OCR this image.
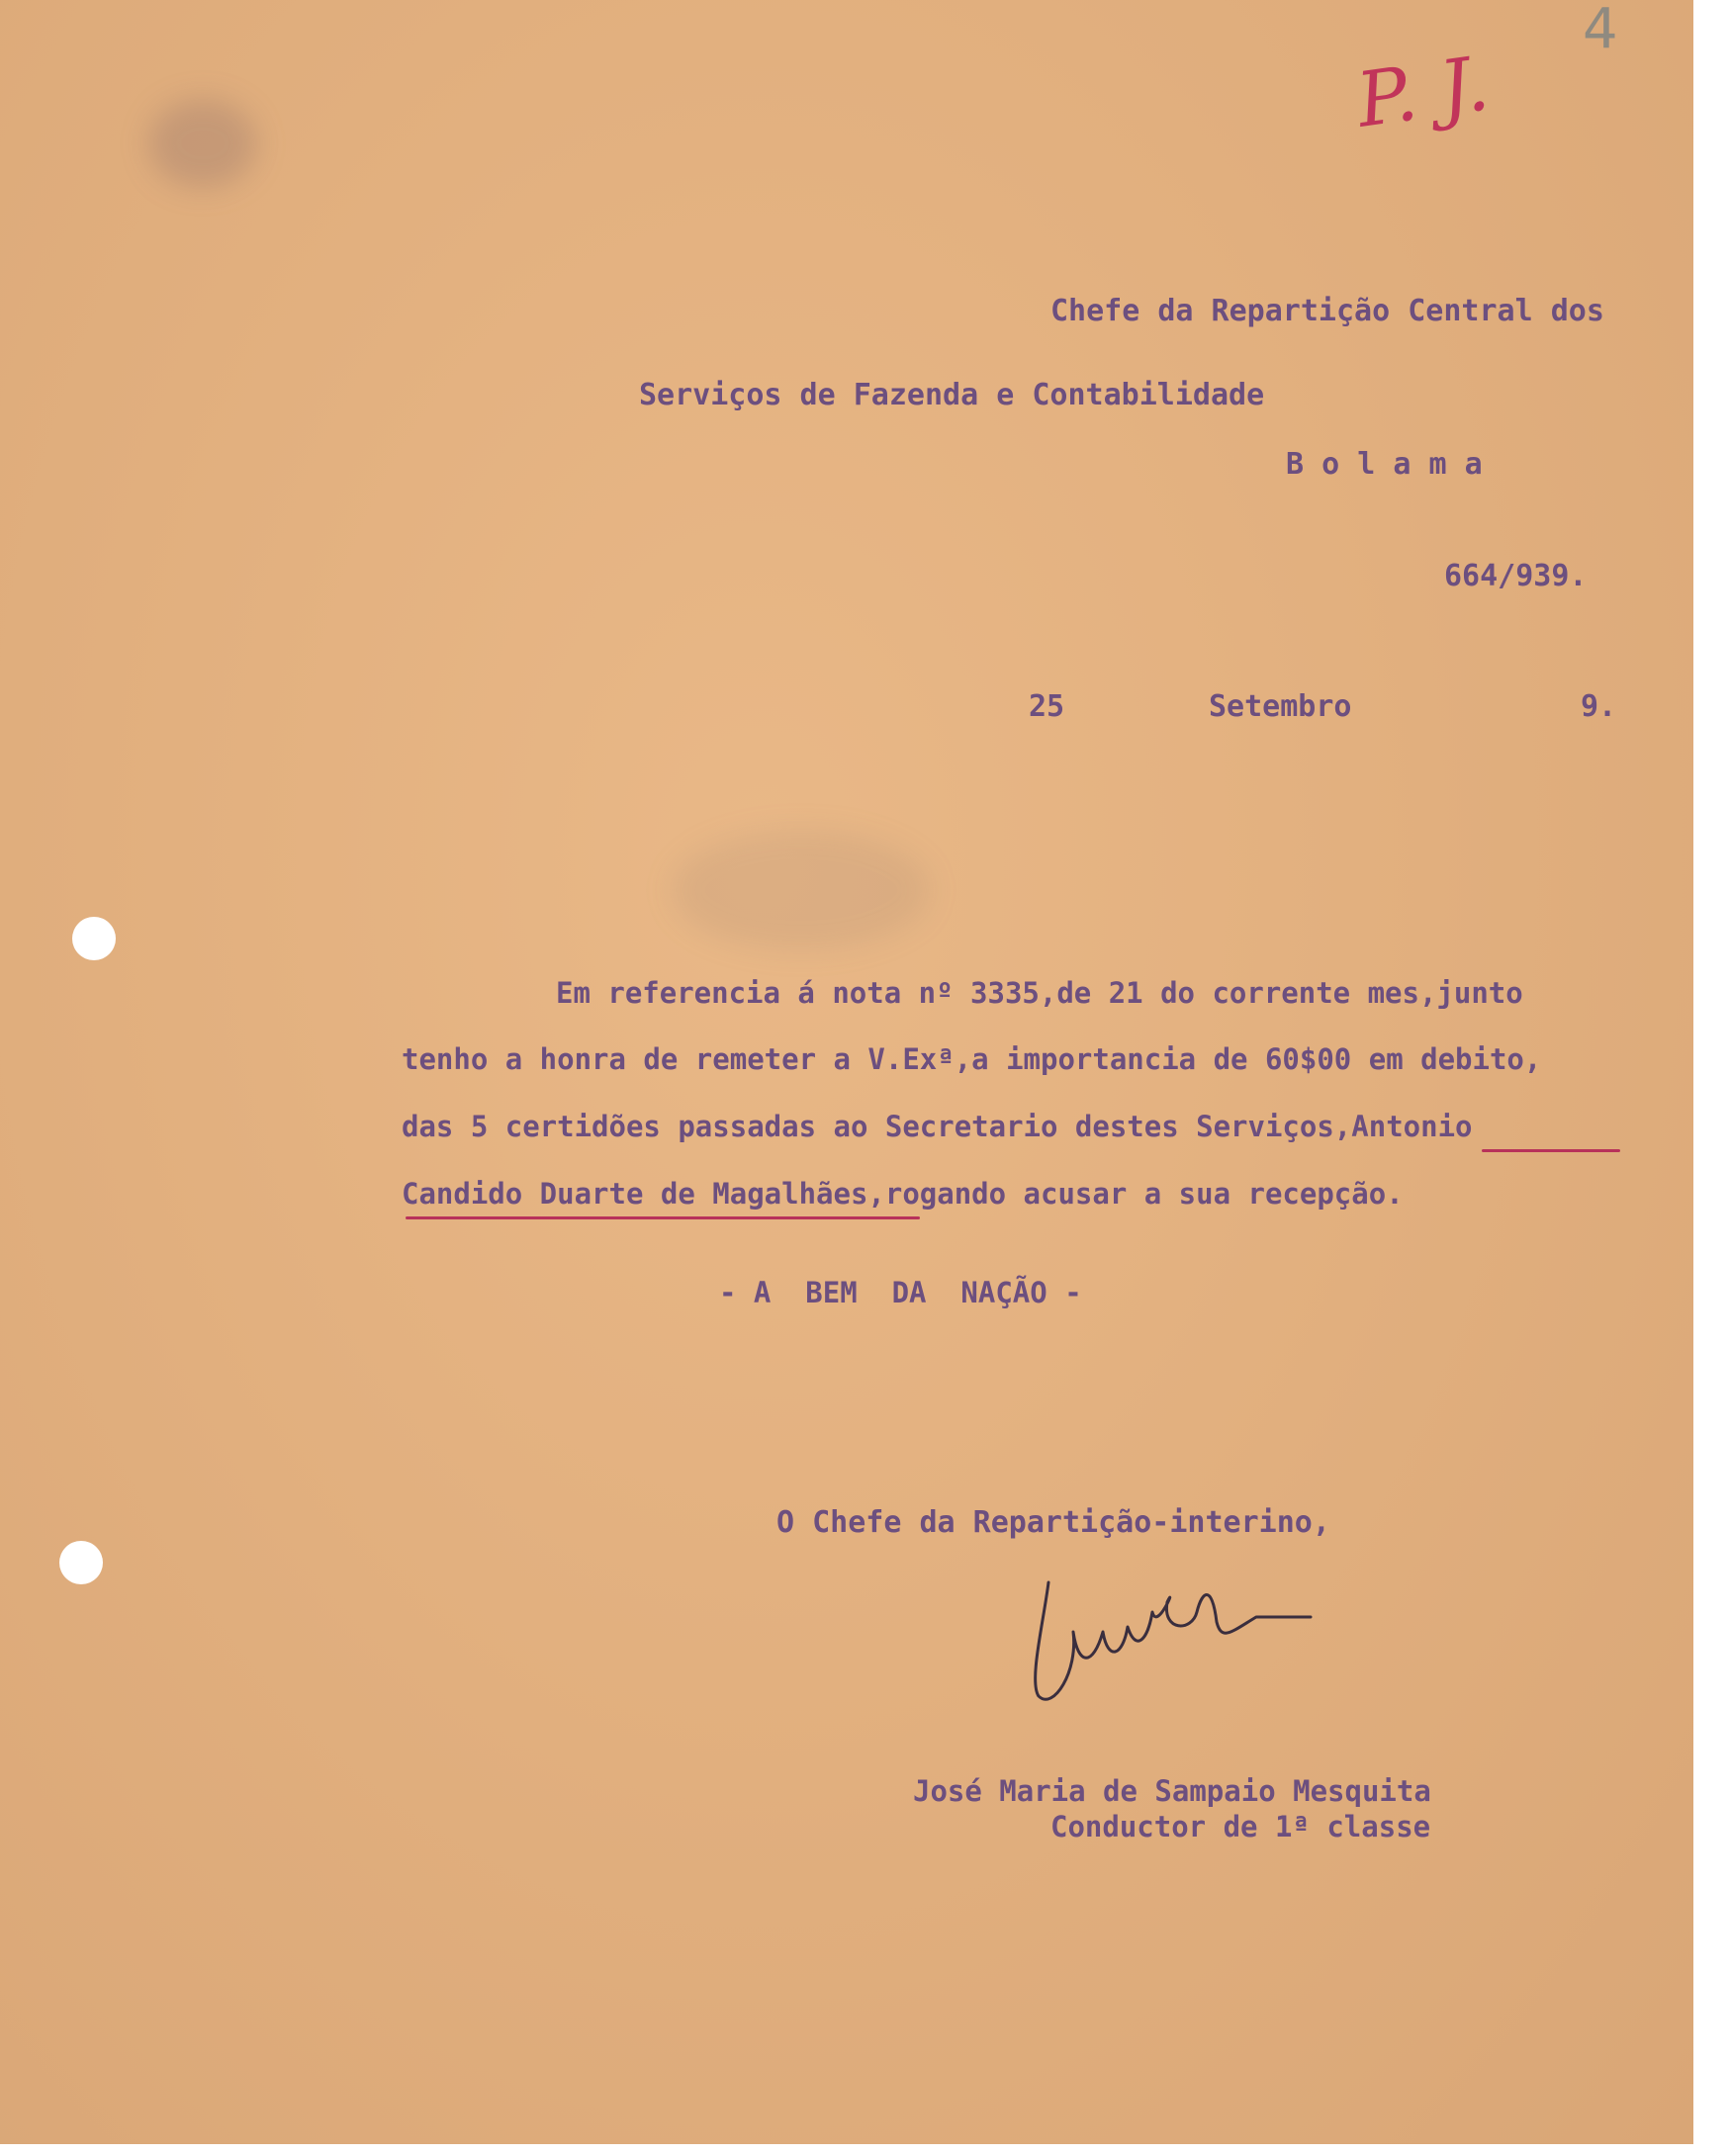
P. J.
4
Chefe da Repartição Central dos
Serviços de Fazenda e Contabilidade
B o l a m a
664/939.
25	Setembro	9.
Em referencia á nota nº 3335,de 21 do corrente mes,junto
tenho a honra de remeter a V.Exª,a importancia de 60$00 em debito,
das 5 certidões passadas ao Secretario destes Serviços,Antonio
Candido Duarte de Magalhães,rogando acusar a sua recepção.
- A  BEM  DA  NAÇÃO -
O Chefe da Repartição-interino,
José Maria de Sampaio Mesquita
Conductor de 1ª classe
